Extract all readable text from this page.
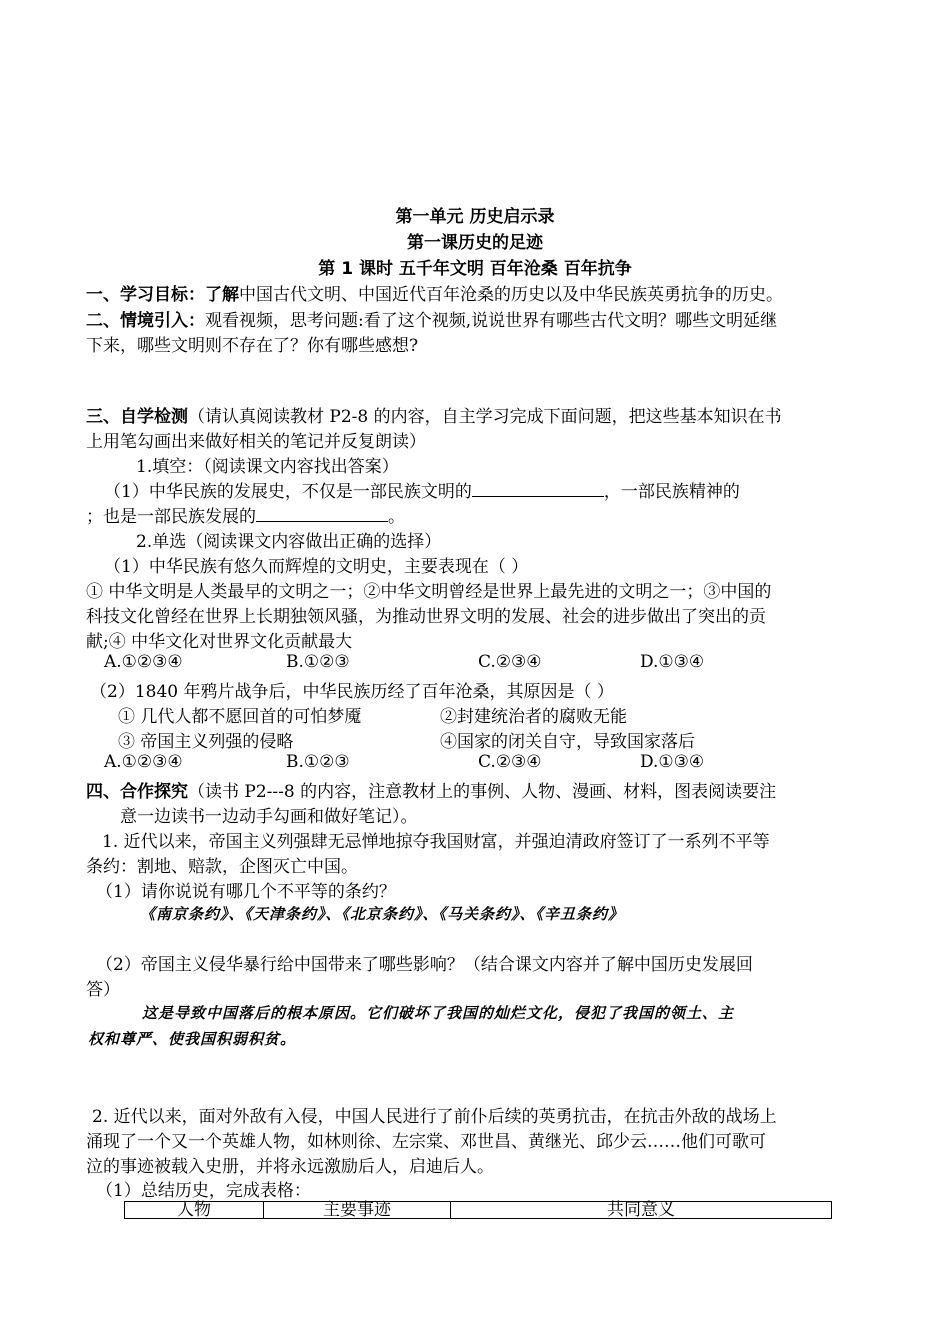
第一单元 历史启示录
第一课历史的足迹
第 1 课时 五千年文明 百年沧桑 百年抗争
一、学习目标：了解中国古代文明、中国近代百年沧桑的历史以及中华民族英勇抗争的历史。
二、情境引入：观看视频，思考问题:看了这个视频,说说世界有哪些古代文明？哪些文明延继
下来，哪些文明则不存在了？你有哪些感想?
三、自学检测（请认真阅读教材 P2-8 的内容，自主学习完成下面问题，把这些基本知识在书
上用笔勾画出来做好相关的笔记并反复朗读）
1.填空：（阅读课文内容找出答案）
（1）中华民族的发展史，不仅是一部民族文明的	，一部民族精神的
；也是一部民族发展的	。
2.单选（阅读课文内容做出正确的选择）
（1）中华民族有悠久而辉煌的文明史，主要表现在（ ）
① 中华文明是人类最早的文明之一；②中华文明曾经是世界上最先进的文明之一；③中国的
科技文化曾经在世界上长期独领风骚，为推动世界文明的发展、社会的进步做出了突出的贡
献;④ 中华文化对世界文化贡献最大
A.①②③④	B.①②③	C.②③④	D.①③④
（2）1840 年鸦片战争后，中华民族历经了百年沧桑，其原因是（ ）
① 几代人都不愿回首的可怕梦魇	②封建统治者的腐败无能
③ 帝国主义列强的侵略	④国家的闭关自守，导致国家落后
A.①②③④	B.①②③	C.②③④	D.①③④
四、合作探究（读书 P2---8 的内容，注意教材上的事例、人物、漫画、材料，图表阅读要注
意一边读书一边动手勾画和做好笔记）。
1. 近代以来，帝国主义列强肆无忌惮地掠夺我国财富，并强迫清政府签订了一系列不平等
条约：割地、赔款，企图灭亡中国。
（1）请你说说有哪几个不平等的条约？
《南京条约》、《天津条约》、《北京条约》、《马关条约》、《辛丑条约》
（2）帝国主义侵华暴行给中国带来了哪些影响？（结合课文内容并了解中国历史发展回
答）
这是导致中国落后的根本原因。它们破坏了我国的灿烂文化，侵犯了我国的领土、主
权和尊严、使我国积弱积贫。
2. 近代以来，面对外敌有入侵，中国人民进行了前仆后续的英勇抗击，在抗击外敌的战场上
涌现了一个又一个英雄人物，如林则徐、左宗棠、邓世昌、黄继光、邱少云……他们可歌可
泣的事迹被载入史册，并将永远激励后人，启迪后人。
（1）总结历史，完成表格：
人物	主要事迹	共同意义
